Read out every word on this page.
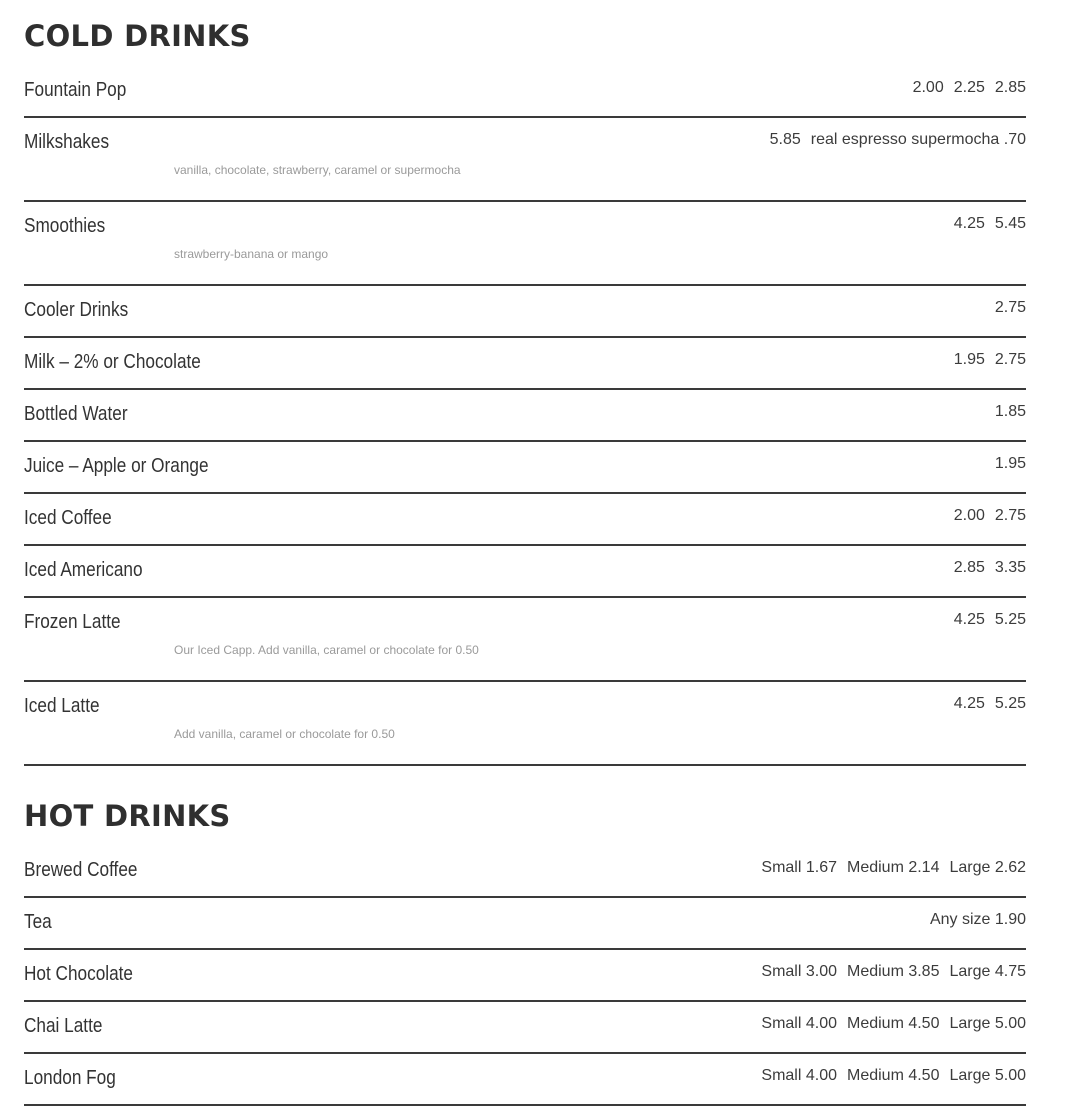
COLD DRINKS
Fountain Pop	2.00 2.25 2.85
Milkshakes	5.85 real espresso supermocha .70
vanilla, chocolate, strawberry, caramel or supermocha
Smoothies	4.25 5.45
strawberry-banana or mango
Cooler Drinks	2.75
Milk – 2% or Chocolate	1.95 2.75
Bottled Water	1.85
Juice – Apple or Orange	1.95
Iced Coffee	2.00 2.75
Iced Americano	2.85 3.35
Frozen Latte	4.25 5.25
Our Iced Capp. Add vanilla, caramel or chocolate for 0.50
Iced Latte	4.25 5.25
Add vanilla, caramel or chocolate for 0.50
HOT DRINKS
Brewed Coffee	Small 1.67 Medium 2.14 Large 2.62
Tea	Any size 1.90
Hot Chocolate	Small 3.00 Medium 3.85 Large 4.75
Chai Latte	Small 4.00 Medium 4.50 Large 5.00
London Fog	Small 4.00 Medium 4.50 Large 5.00
